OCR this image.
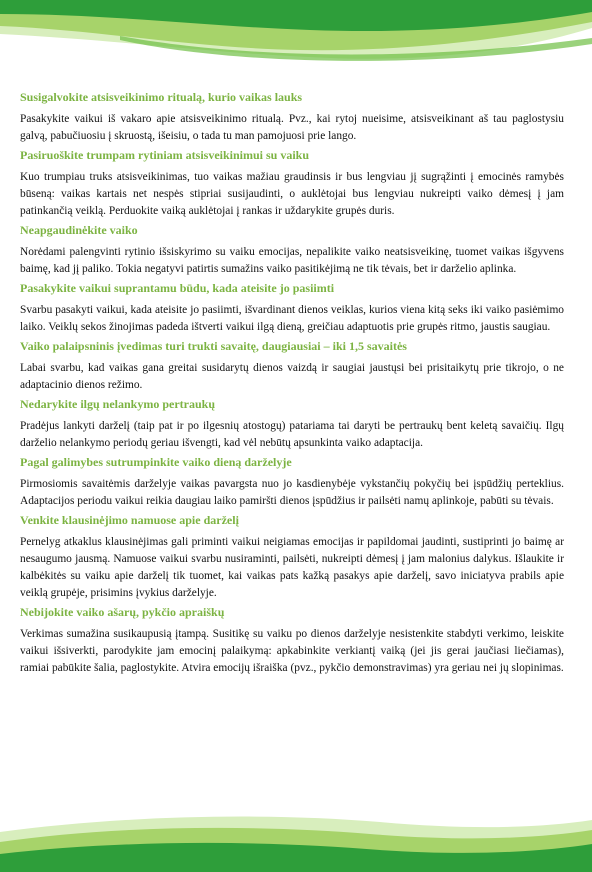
Susigalvokite atsisveikinimo ritualą, kurio vaikas lauks

Pasakykite vaikui iš vakaro apie atsisveikinimo ritualą. Pvz., kai rytoj nueisime, atsisveikinant aš tau paglostysiu galvą, pabučiuosiu į skruostą, išeisiu, o tada tu man pamojuosi prie lango.

Pasiruoškite trumpam rytiniam atsisveikinimui su vaiku

Kuo trumpiau truks atsisveikinimas, tuo vaikas mažiau graudinsis ir bus lengviau jį sugrąžinti į emocinės ramybės būseną: vaikas kartais net nespės stipriai susijaudinti, o auklėtojai bus lengviau nukreipti vaiko dėmesį į jam patinkančią veiklą. Perduokite vaiką auklėtojai į rankas ir uždarykite grupės duris.

Neapgaudinėkite vaiko

Norėdami palengvinti rytinio išsiskyrimo su vaiku emocijas, nepalikite vaiko neatsisveikinę, tuomet vaikas išgyvens baimę, kad jį paliko. Tokia negatyvi patirtis sumažins vaiko pasitikėjimą ne tik tėvais, bet ir darželio aplinka.

Pasakykite vaikui suprantamu būdu, kada ateisite jo pasiimti

Svarbu pasakyti vaikui, kada ateisite jo pasiimti, išvardinant dienos veiklas, kurios viena kitą seks iki vaiko pasiėmimo laiko. Veiklų sekos žinojimas padeda ištverti vaikui ilgą dieną, greičiau adaptuotis prie grupės ritmo, jaustis saugiau.

Vaiko palaipsninis įvedimas turi trukti savaitę, daugiausiai – iki 1,5 savaitės

Labai svarbu, kad vaikas gana greitai susidarytų dienos vaizdą ir saugiai jaustųsi bei prisitaikytų prie tikrojo, o ne adaptacinio dienos režimo.

Nedarykite ilgų nelankymo pertraukų

Pradėjus lankyti darželį (taip pat ir po ilgesnių atostogų) patariama tai daryti be pertraukų bent keletą savaičių. Ilgų darželio nelankymo periodų geriau išvengti, kad vėl nebūtų apsunkinta vaiko adaptacija.

Pagal galimybes sutrumpinkite vaiko dieną darželyje

Pirmosiomis savaitėmis darželyje vaikas pavargsta nuo jo kasdienybėje vykstančių pokyčių bei įspūdžių perteklius. Adaptacijos periodu vaikui reikia daugiau laiko pamiršti dienos įspūdžius ir pailsėti namų aplinkoje, pabūti su tėvais.

Venkite klausinėjimo namuose apie darželį

Pernelyg atkaklus klausinėjimas gali priminti vaikui neigiamas emocijas ir papildomai jaudinti, sustiprinti jo baimę ar nesaugumo jausmą. Namuose vaikui svarbu nusiraminti, pailsėti, nukreipti dėmesį į jam malonius dalykus. Išlaukite ir kalbėkitės su vaiku apie darželį tik tuomet, kai vaikas pats kažką pasakys apie darželį, savo iniciatyva prabils apie veiklą grupėje, prisimins įvykius darželyje.

Nebijokite vaiko ašarų, pykčio apraiškų

Verkimas sumažina susikaupusią įtampą. Susitikę su vaiku po dienos darželyje nesistenkite stabdyti verkimo, leiskite vaikui išsiverkti, parodykite jam emocinį palaikymą: apkabinkite verkiantį vaiką (jei jis gerai jaučiasi liečiamas), ramiai pabūkite šalia, paglostykite. Atvira emocijų išraiška (pvz., pykčio demonstravimas) yra geriau nei jų slopinimas.
